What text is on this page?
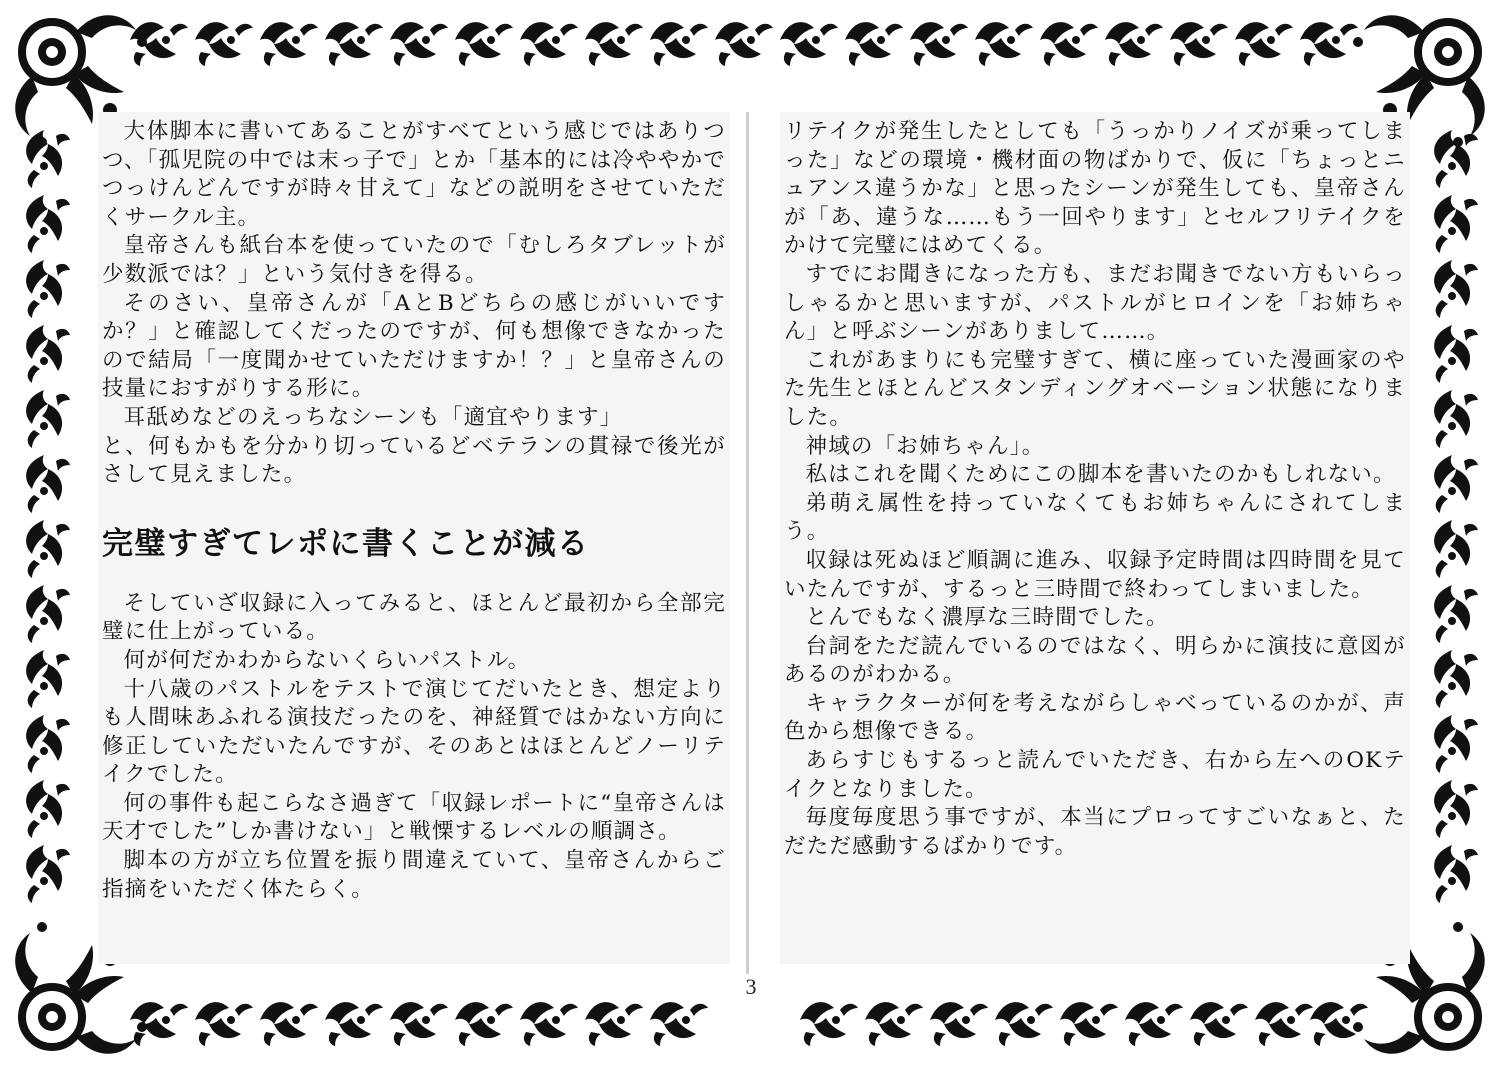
大体脚本に書いてあることがすべてという感じではありつつ、「孤児院の中では末っ子で」とか「基本的には冷ややかでつっけんどんですが時々甘えて」などの説明をさせていただくサークル主。

皇帝さんも紙台本を使っていたので「むしろタブレットが少数派では？」という気付きを得る。

そのさい、皇帝さんが「AとBどちらの感じがいいですか？」と確認してくだったのですが、何も想像できなかったので結局「一度聞かせていただけますか！？」と皇帝さんの技量におすがりする形に。

耳舐めなどのえっちなシーンも「適宜やります」

と、何もかもを分かり切っているどベテランの貫禄で後光がさして見えました。

完璧すぎてレポに書くことが減る

そしていざ収録に入ってみると、ほとんど最初から全部完璧に仕上がっている。

何が何だかわからないくらいパストル。

十八歳のパストルをテストで演じてだいたとき、想定よりも人間味あふれる演技だったのを、神経質ではかない方向に修正していただいたんですが、そのあとはほとんどノーリテイクでした。

何の事件も起こらなさ過ぎて「収録レポートに“皇帝さんは天才でした”しか書けない」と戦慄するレベルの順調さ。

脚本の方が立ち位置を振り間違えていて、皇帝さんからご指摘をいただく体たらく。

リテイクが発生したとしても「うっかりノイズが乗ってしまった」などの環境・機材面の物ばかりで、仮に「ちょっとニュアンス違うかな」と思ったシーンが発生しても、皇帝さんが「あ、違うな……もう一回やります」とセルフリテイクをかけて完璧にはめてくる。

すでにお聞きになった方も、まだお聞きでない方もいらっしゃるかと思いますが、パストルがヒロインを「お姉ちゃん」と呼ぶシーンがありまして……。

これがあまりにも完璧すぎて、横に座っていた漫画家のやた先生とほとんどスタンディングオベーション状態になりました。

神域の「お姉ちゃん」。

私はこれを聞くためにこの脚本を書いたのかもしれない。

弟萌え属性を持っていなくてもお姉ちゃんにされてしまう。

収録は死ぬほど順調に進み、収録予定時間は四時間を見ていたんですが、するっと三時間で終わってしまいました。

とんでもなく濃厚な三時間でした。

台詞をただ読んでいるのではなく、明らかに演技に意図があるのがわかる。

キャラクターが何を考えながらしゃべっているのかが、声色から想像できる。

あらすじもするっと読んでいただき、右から左へのOKテイクとなりました。

毎度毎度思う事ですが、本当にプロってすごいなぁと、ただただ感動するばかりです。

3
